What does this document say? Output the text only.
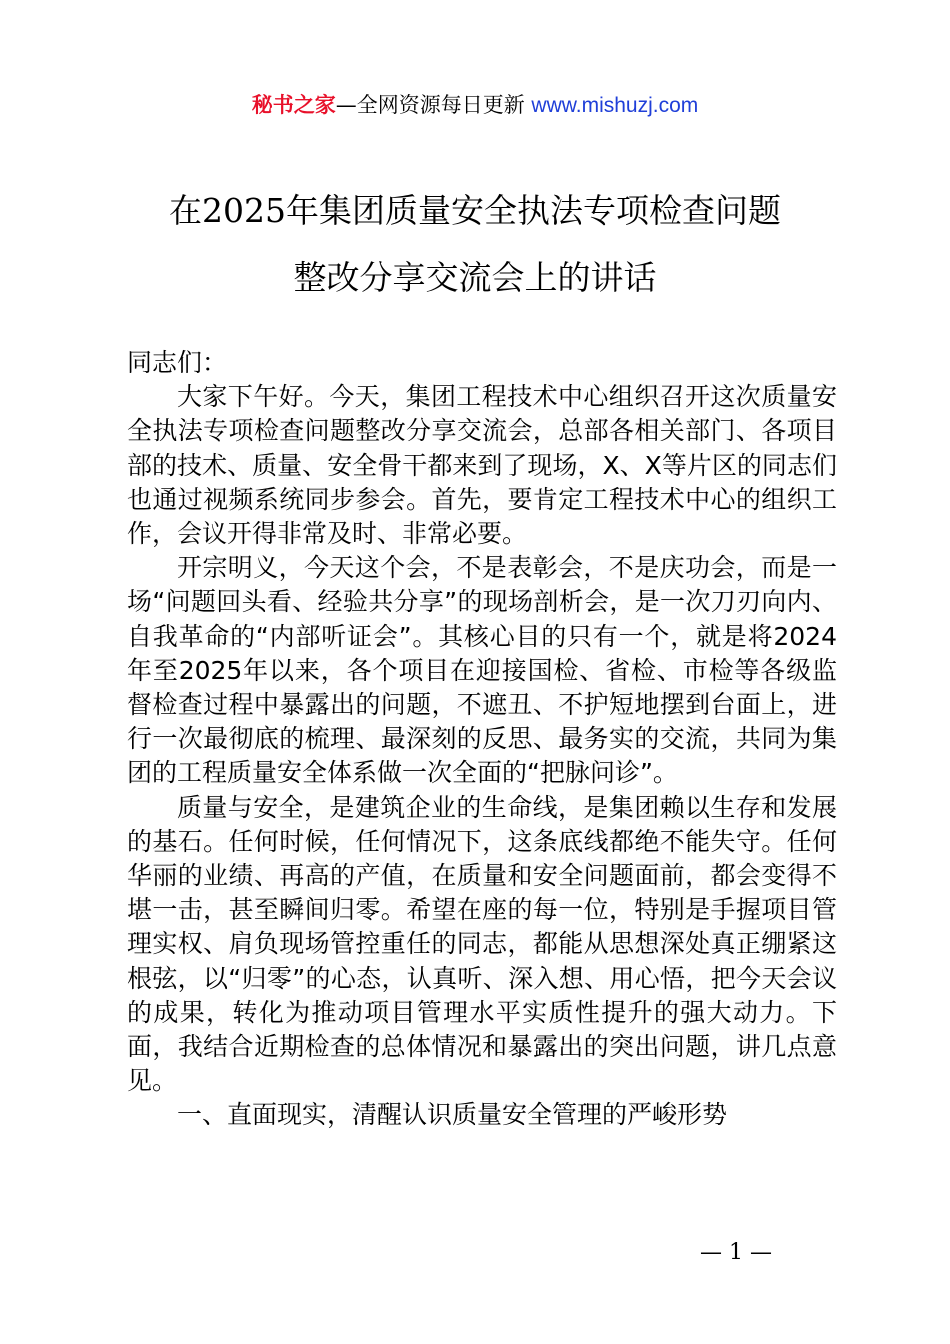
秘书之家—全网资源每日更新 www.mishuzj.com
在2025年集团质量安全执法专项检查问题
整改分享交流会上的讲话

同志们：

大家下午好。今天，集团工程技术中心组织召开这次质量安全执法专项检查问题整改分享交流会，总部各相关部门、各项目部的技术、质量、安全骨干都来到了现场，X、X等片区的同志们也通过视频系统同步参会。首先，要肯定工程技术中心的组织工作，会议开得非常及时、非常必要。

开宗明义，今天这个会，不是表彰会，不是庆功会，而是一场“问题回头看、经验共分享”的现场剖析会，是一次刀刃向内、自我革命的“内部听证会”。其核心目的只有一个，就是将2024年至2025年以来，各个项目在迎接国检、省检、市检等各级监督检查过程中暴露出的问题，不遮丑、不护短地摆到台面上，进行一次最彻底的梳理、最深刻的反思、最务实的交流，共同为集团的工程质量安全体系做一次全面的“把脉问诊”。

质量与安全，是建筑企业的生命线，是集团赖以生存和发展的基石。任何时候，任何情况下，这条底线都绝不能失守。任何华丽的业绩、再高的产值，在质量和安全问题面前，都会变得不堪一击，甚至瞬间归零。希望在座的每一位，特别是手握项目管理实权、肩负现场管控重任的同志，都能从思想深处真正绷紧这根弦，以“归零”的心态，认真听、深入想、用心悟，把今天会议的成果，转化为推动项目管理水平实质性提升的强大动力。下面，我结合近期检查的总体情况和暴露出的突出问题，讲几点意见。

一、直面现实，清醒认识质量安全管理的严峻形势

— 1 —
